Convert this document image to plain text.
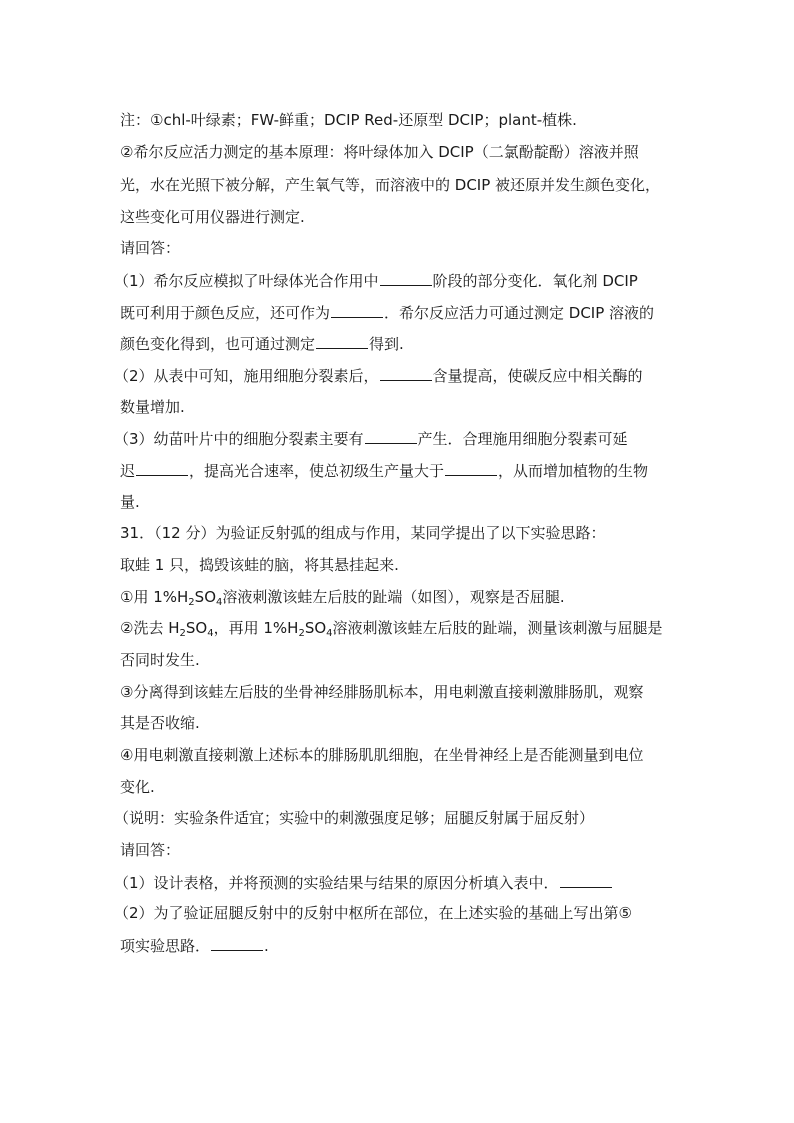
注：①chl-叶绿素；FW-鲜重；DCIP Red-还原型 DCIP；plant-植株.
②希尔反应活力测定的基本原理：将叶绿体加入 DCIP（二氯酚靛酚）溶液并照
光，水在光照下被分解，产生氧气等，而溶液中的 DCIP 被还原并发生颜色变化，
这些变化可用仪器进行测定.
请回答：
（1）希尔反应模拟了叶绿体光合作用中	阶段的部分变化．氧化剂 DCIP
既可利用于颜色反应，还可作为	．希尔反应活力可通过测定 DCIP 溶液的
颜色变化得到，也可通过测定	得到.
（2）从表中可知，施用细胞分裂素后，	含量提高，使碳反应中相关酶的
数量增加.
（3）幼苗叶片中的细胞分裂素主要有	产生．合理施用细胞分裂素可延
迟	，提高光合速率，使总初级生产量大于	，从而增加植物的生物
量.
31．（12 分）为验证反射弧的组成与作用，某同学提出了以下实验思路：
取蛙 1 只，捣毁该蛙的脑，将其悬挂起来.
①用 $1\%H_2SO_4$溶液刺激该蛙左后肢的趾端（如图），观察是否屈腿.
②洗去 $H_2SO_4$，再用 $1\%H_2SO_4$溶液刺激该蛙左后肢的趾端，测量该刺激与屈腿是
否同时发生.
③分离得到该蛙左后肢的坐骨神经腓肠肌标本，用电刺激直接刺激腓肠肌，观察
其是否收缩.
④用电刺激直接刺激上述标本的腓肠肌肌细胞，在坐骨神经上是否能测量到电位
变化.
（说明：实验条件适宜；实验中的刺激强度足够；屈腿反射属于屈反射）
请回答：
（1）设计表格，并将预测的实验结果与结果的原因分析填入表中．
（2）为了验证屈腿反射中的反射中枢所在部位，在上述实验的基础上写出第⑤
项实验思路．	.
